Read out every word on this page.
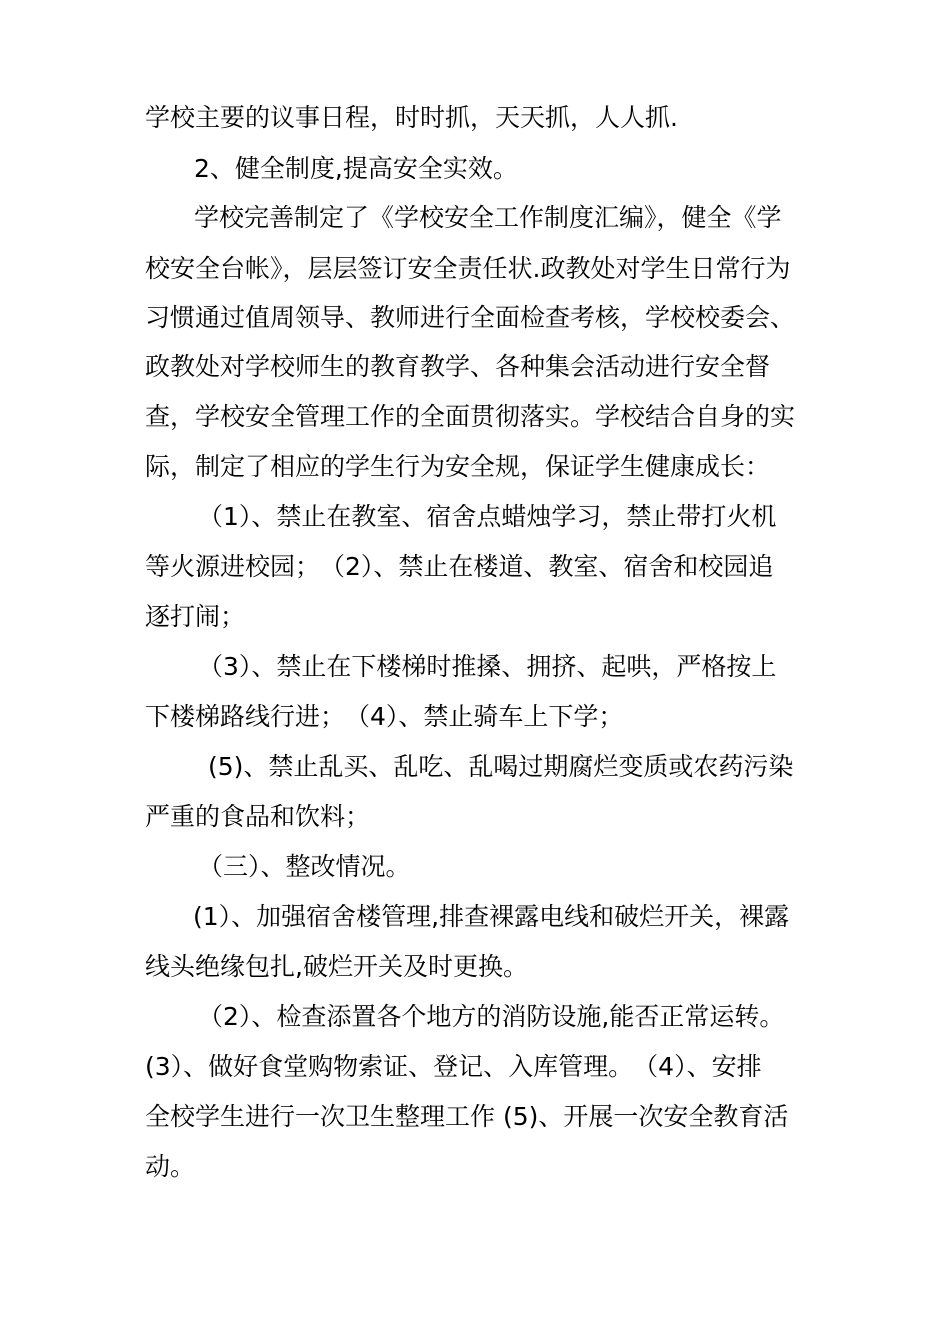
学校主要的议事日程，时时抓，天天抓，人人抓.
2、健全制度,提高安全实效。
学校完善制定了《学校安全工作制度汇编》，健全《学
校安全台帐》，层层签订安全责任状.政教处对学生日常行为
习惯通过值周领导、教师进行全面检查考核，学校校委会、
政教处对学校师生的教育教学、各种集会活动进行安全督
查，学校安全管理工作的全面贯彻落实。学校结合自身的实
际，制定了相应的学生行为安全规，保证学生健康成长：
（1）、禁止在教室、宿舍点蜡烛学习，禁止带打火机
等火源进校园；　（2）、禁止在楼道、教室、宿舍和校园追
逐打闹；
（3）、禁止在下楼梯时推搡、拥挤、起哄，严格按上
下楼梯路线行进；　（4）、禁止骑车上下学；
(5)、禁止乱买、乱吃、乱喝过期腐烂变质或农药污染
严重的食品和饮料；
（三）、整改情况。
(1）、加强宿舍楼管理,排查裸露电线和破烂开关，裸露
线头绝缘包扎,破烂开关及时更换。
（2）、检查添置各个地方的消防设施,能否正常运转。
(3）、做好食堂购物索证、登记、入库管理。　（4）、安排
全校学生进行一次卫生整理工作 (5)、开展一次安全教育活
动。
